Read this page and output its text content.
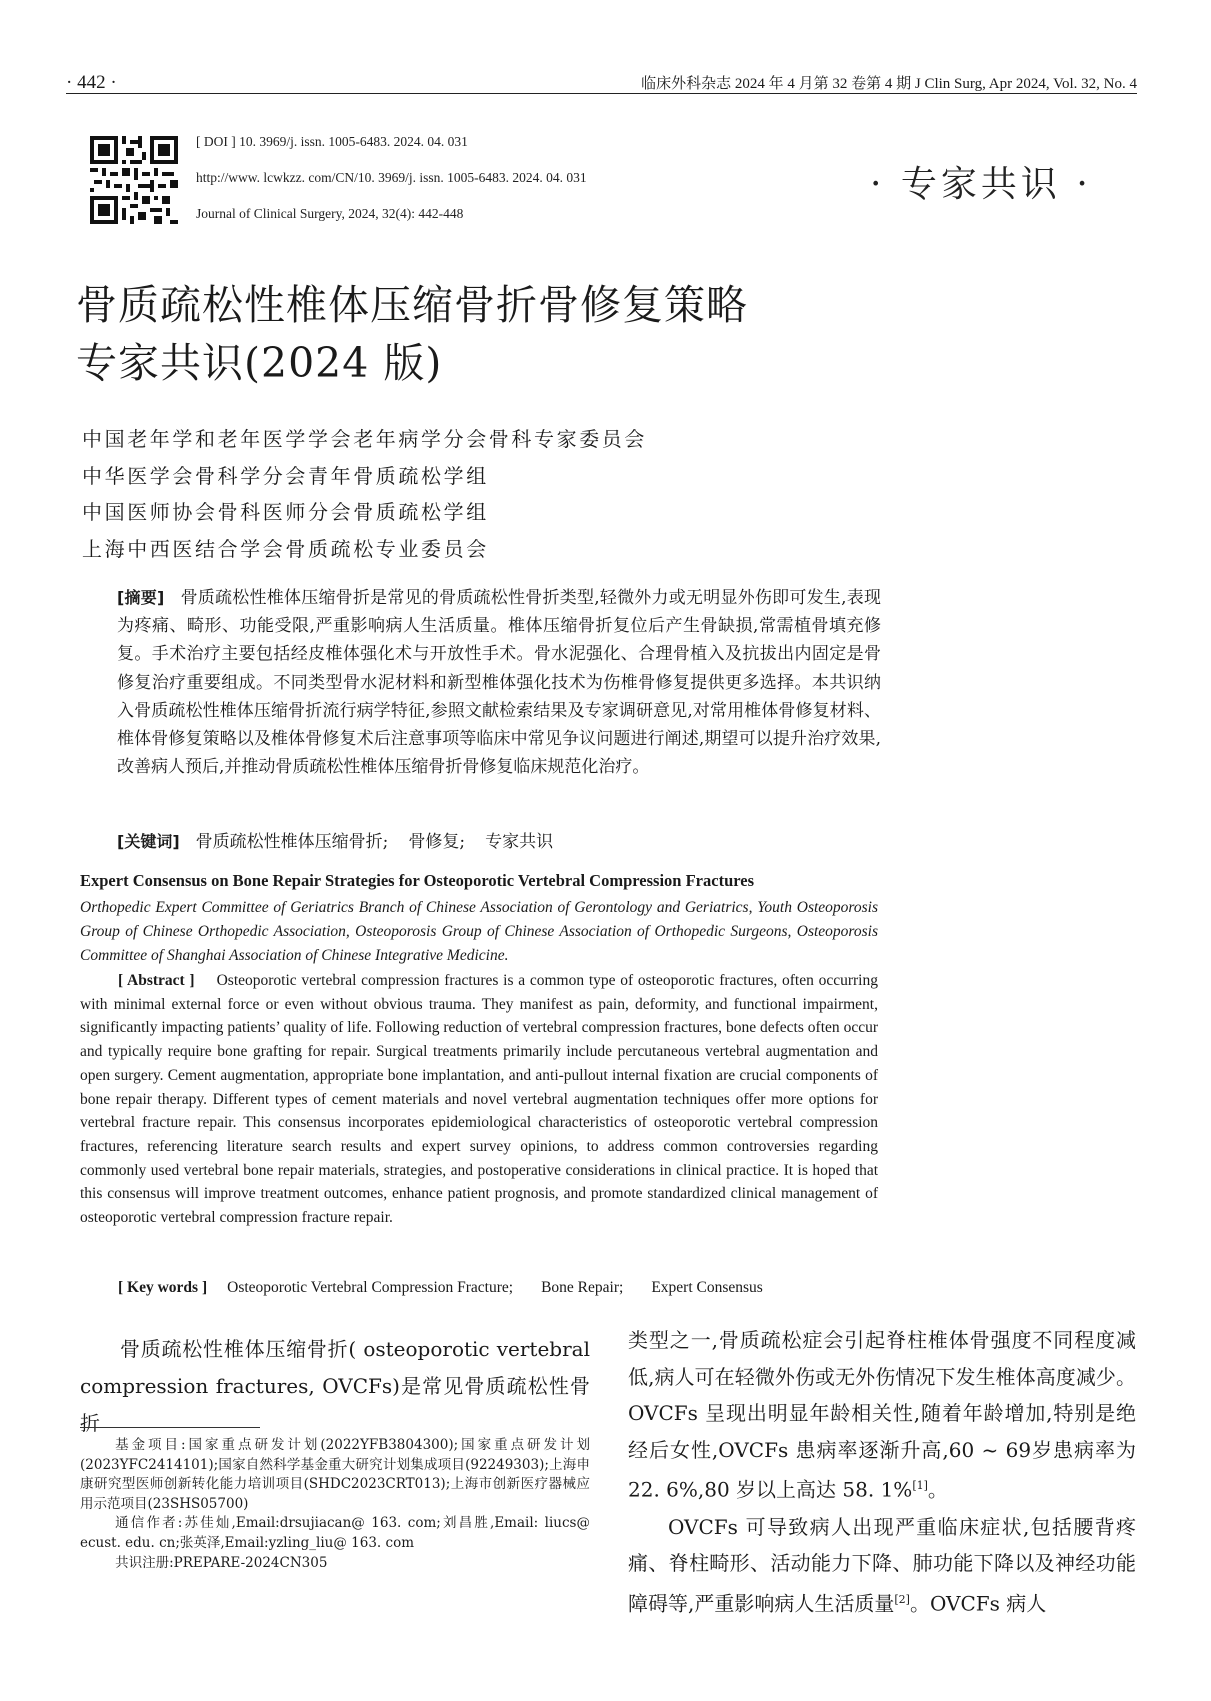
· 442 ·	临床外科杂志 2024 年 4 月第 32 卷第 4 期 J Clin Surg, Apr 2024, Vol. 32, No. 4
[ DOI ] 10. 3969/j. issn. 1005-6483. 2024. 04. 031
http://www. lcwkzz. com/CN/10. 3969/j. issn. 1005-6483. 2024. 04. 031
Journal of Clinical Surgery, 2024, 32(4): 442-448
· 专家共识 ·
骨质疏松性椎体压缩骨折骨修复策略
专家共识(2024 版)
中国老年学和老年医学学会老年病学分会骨科专家委员会
中华医学会骨科学分会青年骨质疏松学组
中国医师协会骨科医师分会骨质疏松学组
上海中西医结合学会骨质疏松专业委员会
[摘要] 骨质疏松性椎体压缩骨折是常见的骨质疏松性骨折类型,轻微外力或无明显外伤即可发生,表现为疼痛、畸形、功能受限,严重影响病人生活质量。椎体压缩骨折复位后产生骨缺损,常需植骨填充修复。手术治疗主要包括经皮椎体强化术与开放性手术。骨水泥强化、合理骨植入及抗拔出内固定是骨修复治疗重要组成。不同类型骨水泥材料和新型椎体强化技术为伤椎骨修复提供更多选择。本共识纳入骨质疏松性椎体压缩骨折流行病学特征,参照文献检索结果及专家调研意见,对常用椎体骨修复材料、椎体骨修复策略以及椎体骨修复术后注意事项等临床中常见争议问题进行阐述,期望可以提升治疗效果,改善病人预后,并推动骨质疏松性椎体压缩骨折骨修复临床规范化治疗。
[关键词] 骨质疏松性椎体压缩骨折; 骨修复; 专家共识
Expert Consensus on Bone Repair Strategies for Osteoporotic Vertebral Compression Fractures
Orthopedic Expert Committee of Geriatrics Branch of Chinese Association of Gerontology and Geriatrics, Youth Osteoporosis Group of Chinese Orthopedic Association, Osteoporosis Group of Chinese Association of Orthopedic Surgeons, Osteoporosis Committee of Shanghai Association of Chinese Integrative Medicine.
[ Abstract ] Osteoporotic vertebral compression fractures is a common type of osteoporotic fractures, often occurring with minimal external force or even without obvious trauma. They manifest as pain, deformity, and functional impairment, significantly impacting patients’ quality of life. Following reduction of vertebral compression fractures, bone defects often occur and typically require bone grafting for repair. Surgical treatments primarily include percutaneous vertebral augmentation and open surgery. Cement augmentation, appropriate bone implantation, and anti-pullout internal fixation are crucial components of bone repair therapy. Different types of cement materials and novel vertebral augmentation techniques offer more options for vertebral fracture repair. This consensus incorporates epidemiological characteristics of osteoporotic vertebral compression fractures, referencing literature search results and expert survey opinions, to address common controversies regarding commonly used vertebral bone repair materials, strategies, and postoperative considerations in clinical practice. It is hoped that this consensus will improve treatment outcomes, enhance patient prognosis, and promote standardized clinical management of osteoporotic vertebral compression fracture repair.
[ Key words ] Osteoporotic Vertebral Compression Fracture; Bone Repair; Expert Consensus

骨质疏松性椎体压缩骨折( osteoporotic vertebral compression fractures, OVCFs)是常见骨质疏松性骨折

基金项目:国家重点研发计划(2022YFB3804300);国家重点研发计划(2023YFC2414101);国家自然科学基金重大研究计划集成项目(92249303);上海申康研究型医师创新转化能力培训项目(SHDC2023CRT013);上海市创新医疗器械应用示范项目(23SHS05700)

通信作者:苏佳灿,Email:drsujiacan@ 163. com;刘昌胜,Email: liucs@ ecust. edu. cn;张英泽,Email:yzling_liu@ 163. com

共识注册:PREPARE-2024CN305

类型之一,骨质疏松症会引起脊柱椎体骨强度不同程度减低,病人可在轻微外伤或无外伤情况下发生椎体高度减少。OVCFs 呈现出明显年龄相关性,随着年龄增加,特别是绝经后女性,OVCFs 患病率逐渐升高,60 ~ 69岁患病率为 22. 6%,80 岁以上高达 58. 1%[1]。

OVCFs 可导致病人出现严重临床症状,包括腰背疼痛、脊柱畸形、活动能力下降、肺功能下降以及神经功能障碍等,严重影响病人生活质量[2]。OVCFs 病人
